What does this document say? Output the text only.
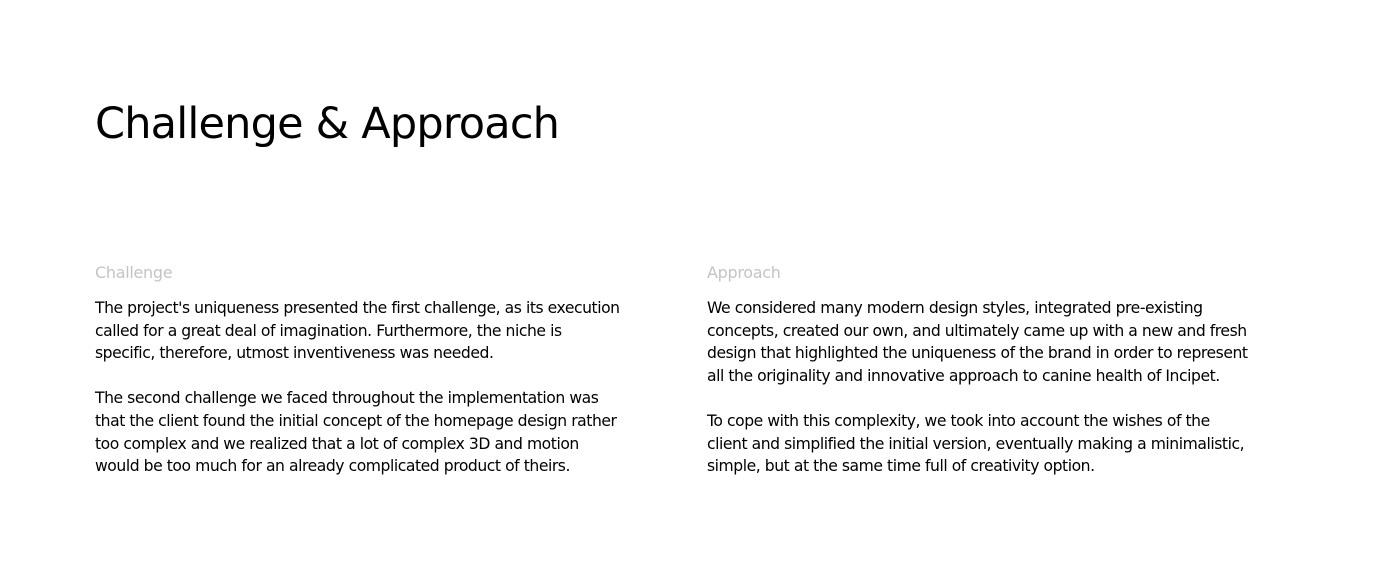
Challenge & Approach
Challenge

The project's uniqueness presented the first challenge, as its execution
called for a great deal of imagination. Furthermore, the niche is
specific, therefore, utmost inventiveness was needed.

The second challenge we faced throughout the implementation was
that the client found the initial concept of the homepage design rather
too complex and we realized that a lot of complex 3D and motion
would be too much for an already complicated product of theirs.

Approach

We considered many modern design styles, integrated pre-existing
concepts, created our own, and ultimately came up with a new and fresh
design that highlighted the uniqueness of the brand in order to represent
all the originality and innovative approach to canine health of Incipet.

To cope with this complexity, we took into account the wishes of the
client and simplified the initial version, eventually making a minimalistic,
simple, but at the same time full of creativity option.
